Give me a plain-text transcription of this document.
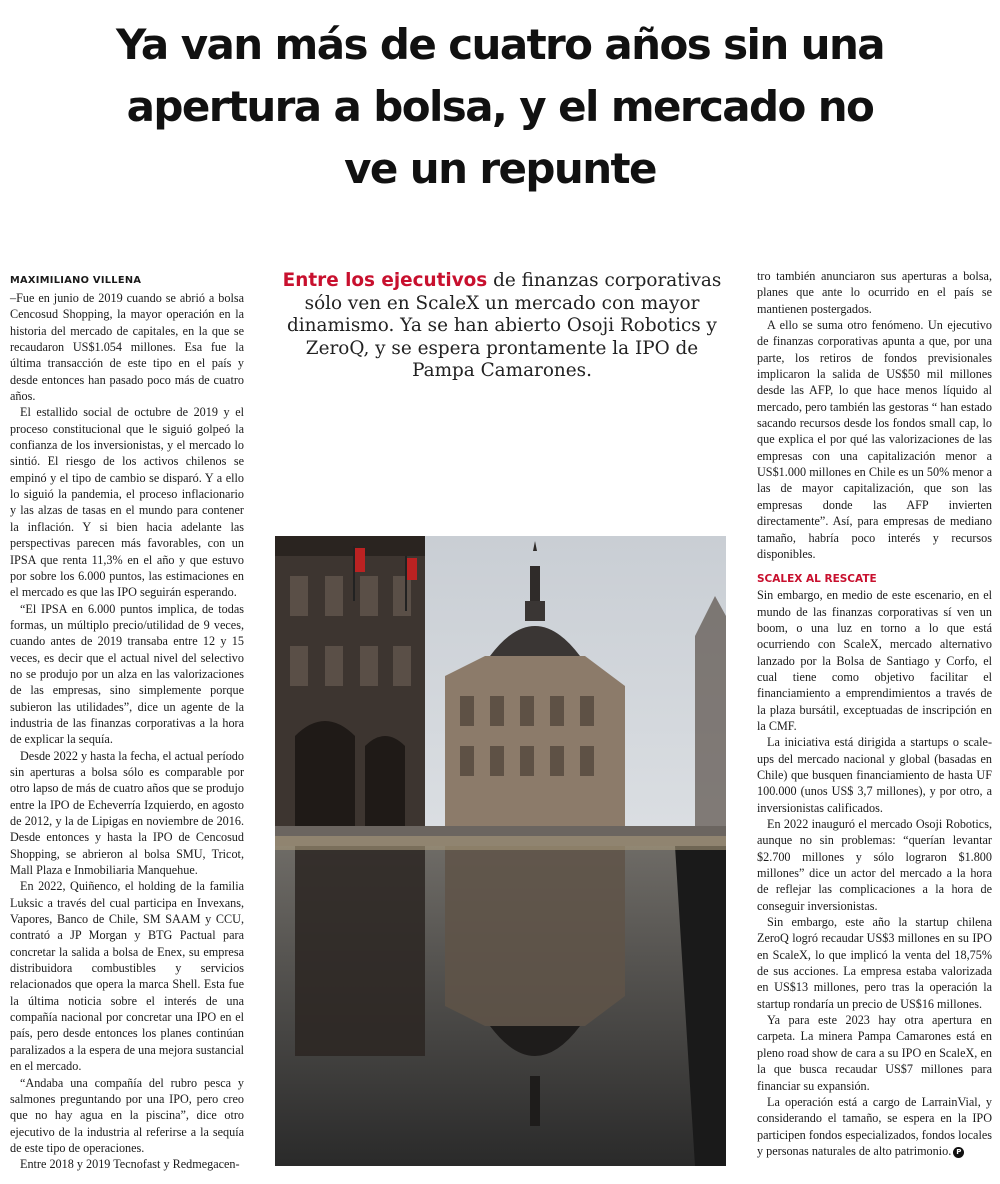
Ya van más de cuatro años sin una
apertura a bolsa, y el mercado no
ve un repunte
MAXIMILIANO VILLENA

–Fue en junio de 2019 cuando se abrió a bolsa Cencosud Shopping, la mayor operación en la historia del mercado de capitales, en la que se recaudaron US$1.054 millones. Esa fue la última transacción de este tipo en el país y desde entonces han pasado poco más de cuatro años.

El estallido social de octubre de 2019 y el proceso constitucional que le siguió golpeó la confianza de los inversionistas, y el mercado lo sintió. El riesgo de los activos chilenos se empinó y el tipo de cambio se disparó. Y a ello lo siguió la pandemia, el proceso inflacionario y las alzas de tasas en el mundo para contener la inflación. Y si bien hacia adelante las perspectivas parecen más favorables, con un IPSA que renta 11,3% en el año y que estuvo por sobre los 6.000 puntos, las estimaciones en el mercado es que las IPO seguirán esperando.

“El IPSA en 6.000 puntos implica, de todas formas, un múltiplo precio/utilidad de 9 veces, cuando antes de 2019 transaba entre 12 y 15 veces, es decir que el actual nivel del selectivo no se produjo por un alza en las valorizaciones de las empresas, sino simplemente porque subieron las utilidades”, dice un agente de la industria de las finanzas corporativas a la hora de explicar la sequía.

Desde 2022 y hasta la fecha, el actual período sin aperturas a bolsa sólo es comparable por otro lapso de más de cuatro años que se produjo entre la IPO de Echeverría Izquierdo, en agosto de 2012, y la de Lipigas en noviembre de 2016. Desde entonces y hasta la IPO de Cencosud Shopping, se abrieron al bolsa SMU, Tricot, Mall Plaza e Inmobiliaria Manquehue.

En 2022, Quiñenco, el holding de la familia Luksic a través del cual participa en Invexans, Vapores, Banco de Chile, SM SAAM y CCU, contrató a JP Morgan y BTG Pactual para concretar la salida a bolsa de Enex, su empresa distribuidora combustibles y servicios relacionados que opera la marca Shell. Esta fue la última noticia sobre el interés de una compañía nacional por concretar una IPO en el país, pero desde entonces los planes continúan paralizados a la espera de una mejora sustancial en el mercado.

“Andaba una compañía del rubro pesca y salmones preguntando por una IPO, pero creo que no hay agua en la piscina”, dice otro ejecutivo de la industria al referirse a la sequía de este tipo de operaciones.

Entre 2018 y 2019 Tecnofast y Redmegacen-

Entre los ejecutivos de finanzas corporativas sólo ven en ScaleX un mercado con mayor dinamismo. Ya se han abierto Osoji Robotics y ZeroQ, y se espera prontamente la IPO de Pampa Camarones.

tro también anunciaron sus aperturas a bolsa, planes que ante lo ocurrido en el país se mantienen postergados.

A ello se suma otro fenómeno. Un ejecutivo de finanzas corporativas apunta a que, por una parte, los retiros de fondos previsionales implicaron la salida de US$50 mil millones desde las AFP, lo que hace menos líquido al mercado, pero también las gestoras “ han estado sacando recursos desde los fondos small cap, lo que explica el por qué las valorizaciones de las empresas con una capitalización menor a US$1.000 millones en Chile es un 50% menor a las de mayor capitalización, que son las empresas donde las AFP invierten directamente”. Así, para empresas de mediano tamaño, habría poco interés y recursos disponibles.

SCALEX AL RESCATE

Sin embargo, en medio de este escenario, en el mundo de las finanzas corporativas sí ven un boom, o una luz en torno a lo que está ocurriendo con ScaleX, mercado alternativo lanzado por la Bolsa de Santiago y Corfo, el cual tiene como objetivo facilitar el financiamiento a emprendimientos a través de la plaza bursátil, exceptuadas de inscripción en la CMF.

La iniciativa está dirigida a startups o scale-ups del mercado nacional y global (basadas en Chile) que busquen financiamiento de hasta UF 100.000 (unos US$ 3,7 millones), y por otro, a inversionistas calificados.

En 2022 inauguró el mercado Osoji Robotics, aunque no sin problemas: “querían levantar $2.700 millones y sólo lograron $1.800 millones” dice un actor del mercado a la hora de reflejar las complicaciones a la hora de conseguir inversionistas.

Sin embargo, este año la startup chilena ZeroQ logró recaudar US$3 millones en su IPO en ScaleX, lo que implicó la venta del 18,75% de sus acciones. La empresa estaba valorizada en US$13 millones, pero tras la operación la startup rondaría un precio de US$16 millones.

Ya para este 2023 hay otra apertura en carpeta. La minera Pampa Camarones está en pleno road show de cara a su IPO en ScaleX, en la que busca recaudar US$7 millones para financiar su expansión.

La operación está a cargo de LarrainVial, y considerando el tamaño, se espera en la IPO participen fondos especializados, fondos locales y personas naturales de alto patrimonio. P
